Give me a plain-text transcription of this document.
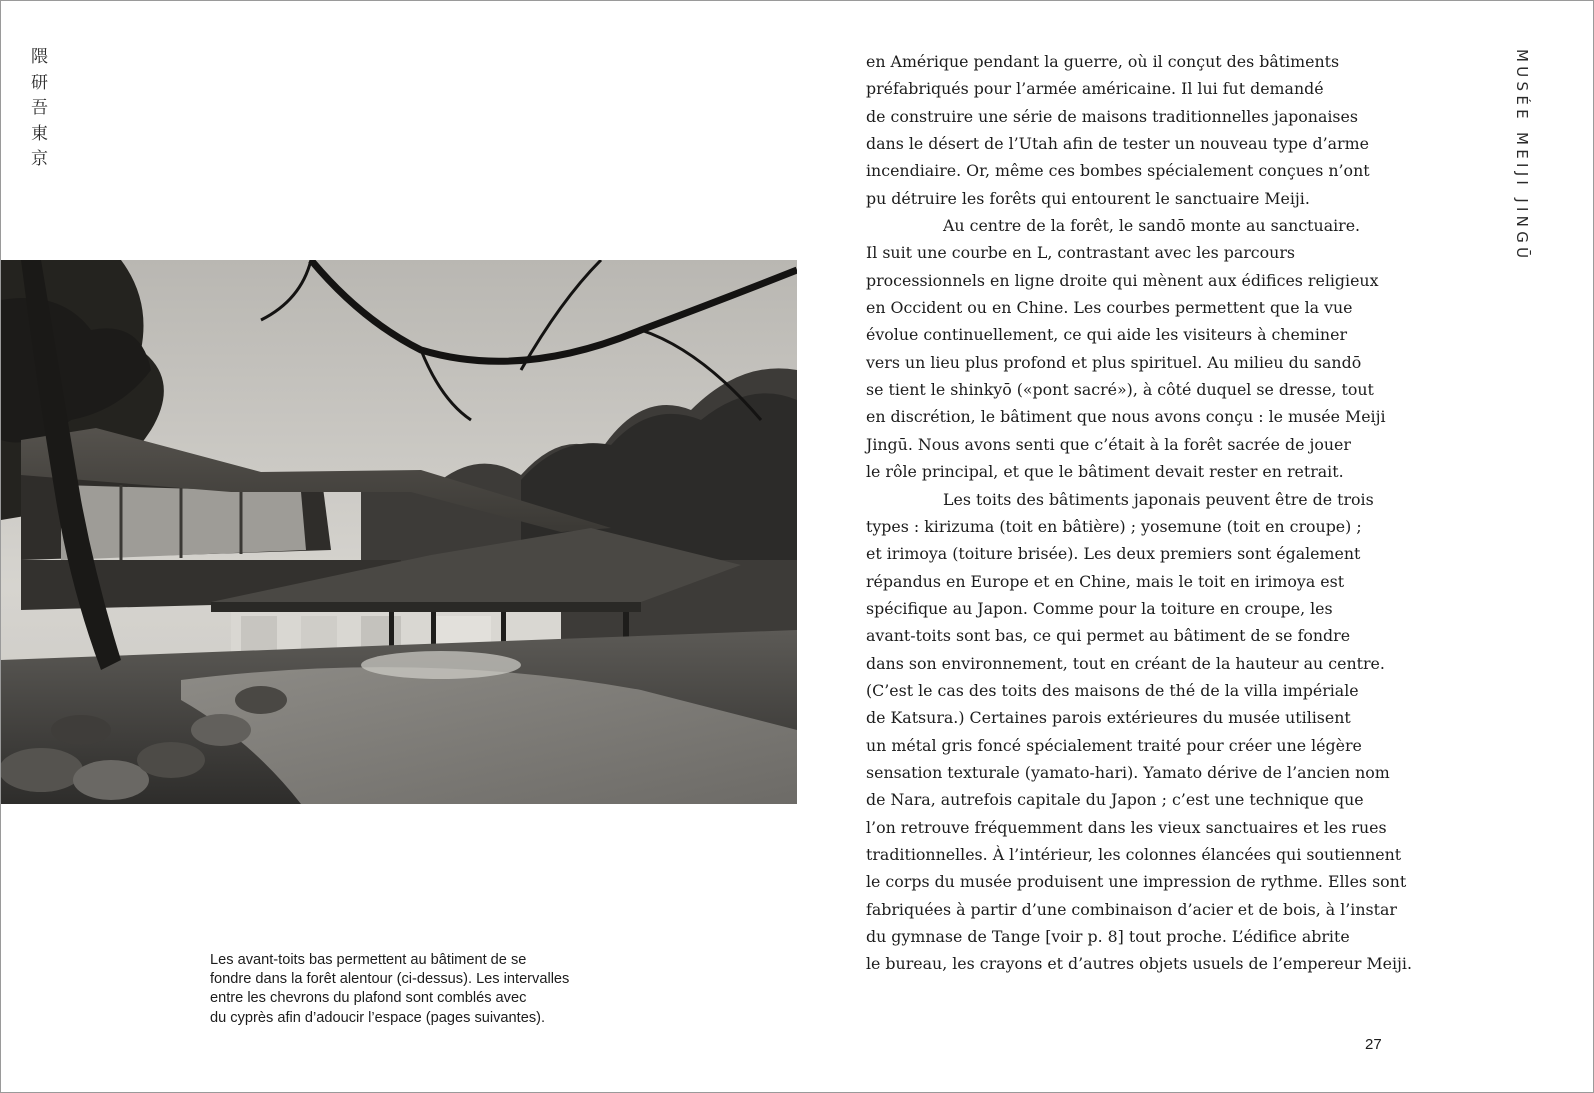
隈研吾東京	MUSÉE MEIJI JINGŪ
Les avant-toits bas permettent au bâtiment de se
fondre dans la forêt alentour (ci-dessus). Les intervalles
entre les chevrons du plafond sont comblés avec
du cyprès afin d’adoucir l’espace (pages suivantes).
en Amérique pendant la guerre, où il conçut des bâtiments
préfabriqués pour l’armée américaine. Il lui fut demandé
de construire une série de maisons traditionnelles japonaises
dans le désert de l’Utah afin de tester un nouveau type d’arme
incendiaire. Or, même ces bombes spécialement conçues n’ont
pu détruire les forêts qui entourent le sanctuaire Meiji.
Au centre de la forêt, le sandō monte au sanctuaire.
Il suit une courbe en L, contrastant avec les parcours
processionnels en ligne droite qui mènent aux édifices religieux
en Occident ou en Chine. Les courbes permettent que la vue
évolue continuellement, ce qui aide les visiteurs à cheminer
vers un lieu plus profond et plus spirituel. Au milieu du sandō
se tient le shinkyō («pont sacré»), à côté duquel se dresse, tout
en discrétion, le bâtiment que nous avons conçu : le musée Meiji
Jingū. Nous avons senti que c’était à la forêt sacrée de jouer
le rôle principal, et que le bâtiment devait rester en retrait.
Les toits des bâtiments japonais peuvent être de trois
types : kirizuma (toit en bâtière) ; yosemune (toit en croupe) ;
et irimoya (toiture brisée). Les deux premiers sont également
répandus en Europe et en Chine, mais le toit en irimoya est
spécifique au Japon. Comme pour la toiture en croupe, les
avant-toits sont bas, ce qui permet au bâtiment de se fondre
dans son environnement, tout en créant de la hauteur au centre.
(C’est le cas des toits des maisons de thé de la villa impériale
de Katsura.) Certaines parois extérieures du musée utilisent
un métal gris foncé spécialement traité pour créer une légère
sensation texturale (yamato-hari). Yamato dérive de l’ancien nom
de Nara, autrefois capitale du Japon ; c’est une technique que
l’on retrouve fréquemment dans les vieux sanctuaires et les rues
traditionnelles. À l’intérieur, les colonnes élancées qui soutiennent
le corps du musée produisent une impression de rythme. Elles sont
fabriquées à partir d’une combinaison d’acier et de bois, à l’instar
du gymnase de Tange [voir p. 8] tout proche. L’édifice abrite
le bureau, les crayons et d’autres objets usuels de l’empereur Meiji.
27
